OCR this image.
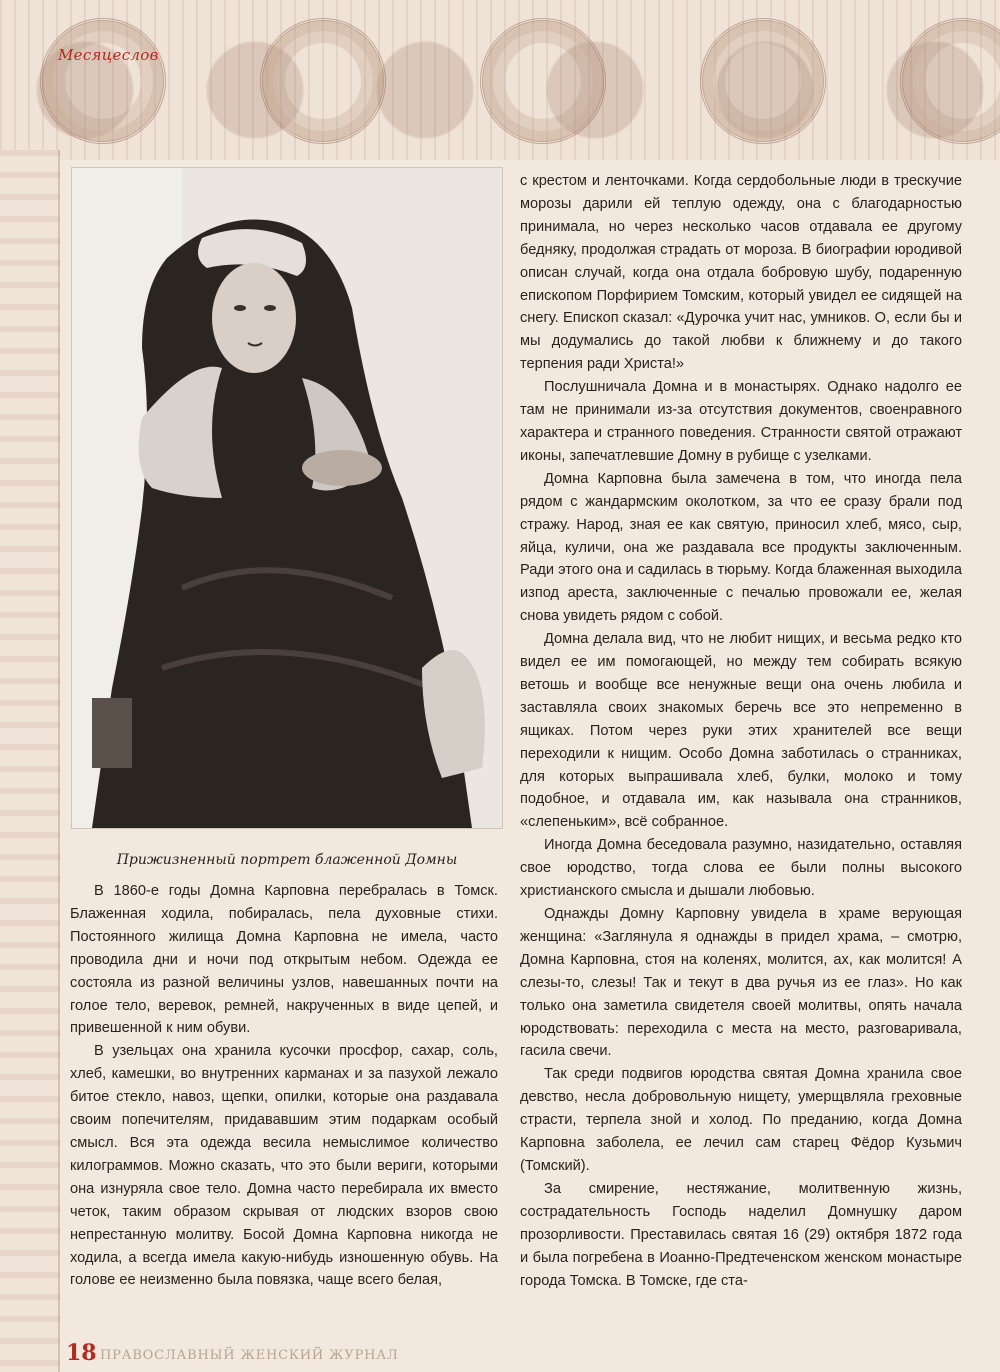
Месяцеслов
Прижизненный портрет блаженной Домны

с крестом и ленточками. Когда сердобольные люди в трескучие морозы дарили ей теплую одежду, она с благодарностью принимала, но через несколько часов отдавала ее другому бедняку, продолжая страдать от мороза. В биографии юродивой описан случай, когда она отдала бобровую шубу, подаренную епископом Порфирием Томским, который увидел ее сидящей на снегу. Епископ сказал: «Дурочка учит нас, умников. О, если бы и мы додумались до такой любви к ближнему и до такого терпения ради Христа!»

Послушничала Домна и в монастырях. Однако надолго ее там не принимали из-за отсутствия документов, своенравного характера и странного поведения. Странности святой отражают иконы, запечатлевшие Домну в рубище с узелками.

Домна Карповна была замечена в том, что иногда пела рядом с жандармским околотком, за что ее сразу брали под стражу. Народ, зная ее как святую, приносил хлеб, мясо, сыр, яйца, куличи, она же раздавала все продукты заключенным. Ради этого она и садилась в тюрьму. Когда блаженная выходила изпод ареста, заключенные с печалью провожали ее, желая снова увидеть рядом с собой.

Домна делала вид, что не любит нищих, и весьма редко кто видел ее им помогающей, но между тем собирать всякую ветошь и вообще все ненужные вещи она очень любила и заставляла своих знакомых беречь все это непременно в ящиках. Потом через руки этих хранителей все вещи переходили к нищим. Особо Домна заботилась о странниках, для которых выпрашивала хлеб, булки, молоко и тому подобное, и отдавала им, как называла она странников, «слепеньким», всё собранное.

Иногда Домна беседовала разумно, назидательно, оставляя свое юродство, тогда слова ее были полны высокого христианского смысла и дышали любовью.

Однажды Домну Карповну увидела в храме верующая женщина: «Заглянула я однажды в придел храма, – смотрю, Домна Карповна, стоя на коленях, молится, ах, как молится! А слезы-то, слезы! Так и текут в два ручья из ее глаз». Но как только она заметила свидетеля своей молитвы, опять начала юродствовать: переходила с места на место, разговаривала, гасила свечи.

Так среди подвигов юродства святая Домна хранила свое девство, несла добровольную нищету, умерщвляла греховные страсти, терпела зной и холод. По преданию, когда Домна Карповна заболела, ее лечил сам старец Фёдор Кузьмич (Томский).

За смирение, нестяжание, молитвенную жизнь, сострадательность Господь наделил Домнушку даром прозорливости. Преставилась святая 16 (29) октября 1872 года и была погребена в Иоанно-Предтеченском женском монастыре города Томска. В Томске, где ста-

В 1860-е годы Домна Карповна перебралась в Томск. Блаженная ходила, побиралась, пела духовные стихи. Постоянного жилища Домна Карповна не имела, часто проводила дни и ночи под открытым небом. Одежда ее состояла из разной величины узлов, навешанных почти на голое тело, веревок, ремней, накрученных в виде цепей, и привешенной к ним обуви.

В узельцах она хранила кусочки просфор, сахар, соль, хлеб, камешки, во внутренних карманах и за пазухой лежало битое стекло, навоз, щепки, опилки, которые она раздавала своим попечителям, придававшим этим подаркам особый смысл. Вся эта одежда весила немыслимое количество килограммов. Можно сказать, что это были вериги, которыми она изнуряла свое тело. Домна часто перебирала их вместо четок, таким образом скрывая от людских взоров свою непрестанную молитву. Босой Домна Карповна никогда не ходила, а всегда имела какую-нибудь изношенную обувь. На голове ее неизменно была повязка, чаще всего белая,

18 ПРАВОСЛАВНЫЙ ЖЕНСКИЙ ЖУРНАЛ
